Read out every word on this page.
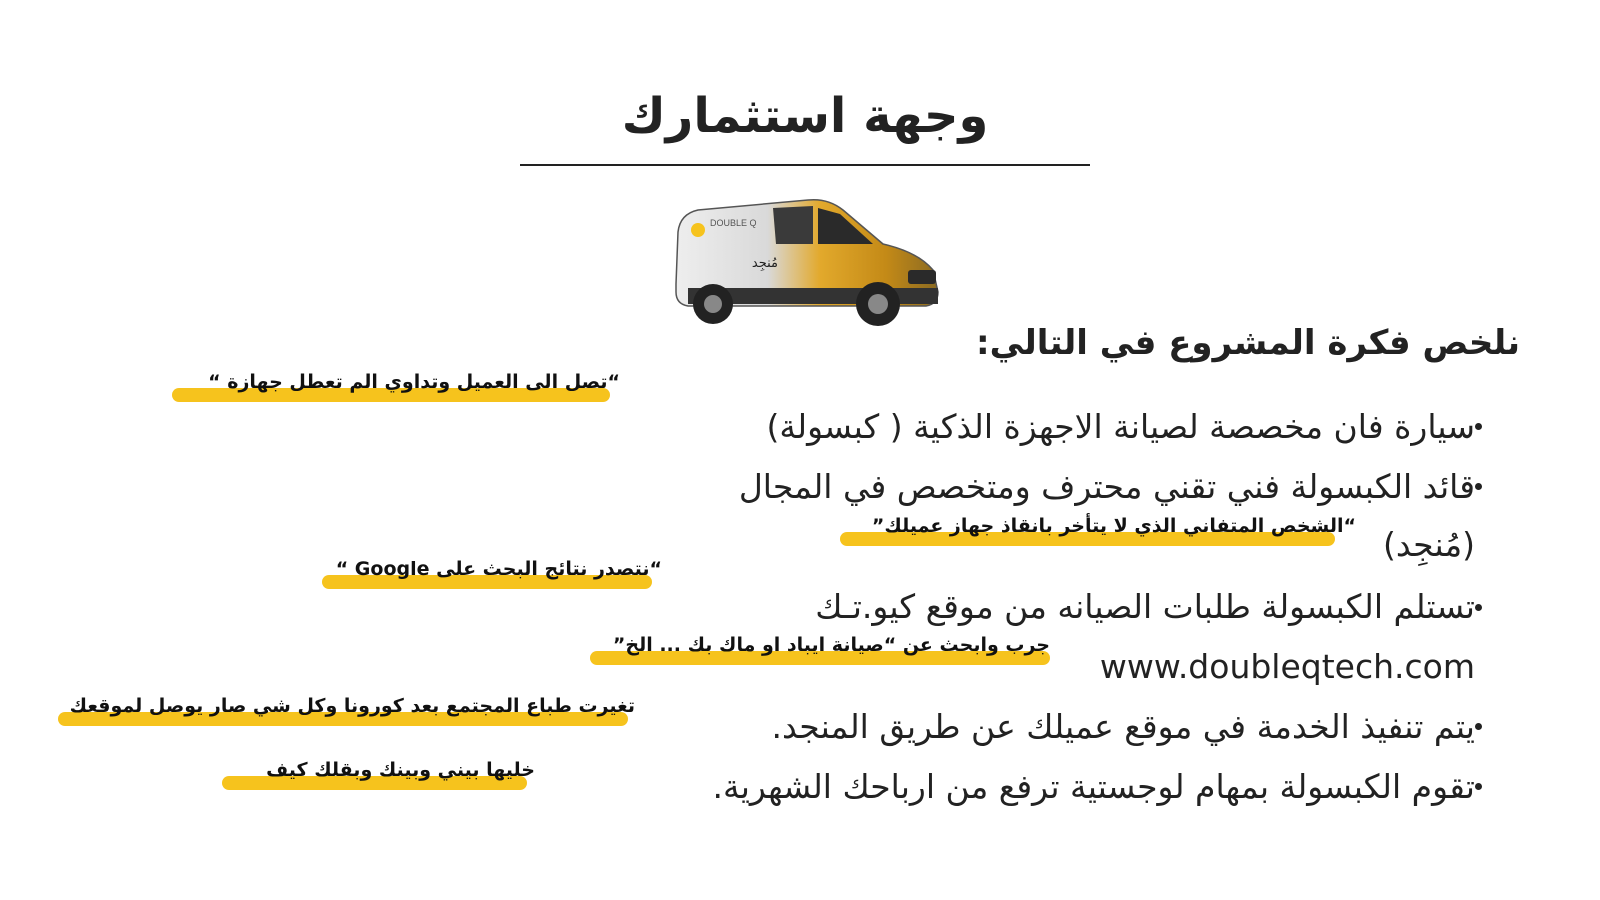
وجهة استثمارك
DOUBLE Q
مُنجِد
نلخص فكرة المشروع في التالي:
“تصل الى العميل وتداوي الم تعطل جهازة “
سيارة فان مخصصة لصيانة الاجهزة الذكية ( كبسولة)
قائد الكبسولة فني تقني محترف ومتخصص في المجال
“الشخص المتفاني الذي لا يتأخر بانقاذ جهاز عميلك” (مُنجِد)
“نتصدر نتائج البحث على Google “
تستلم الكبسولة طلبات الصيانه من موقع كيو.تـك
جرب وابحث عن “صيانة ايباد او ماك بك ... الخ”
www.doubleqtech.com
تغيرت طباع المجتمع بعد كورونا وكل شي صار يوصل لموقعك
يتم تنفيذ الخدمة في موقع عميلك عن طريق المنجد.
خليها بيني وبينك وبقلك كيف	تقوم الكبسولة بمهام لوجستية ترفع من ارباحك الشهرية.
